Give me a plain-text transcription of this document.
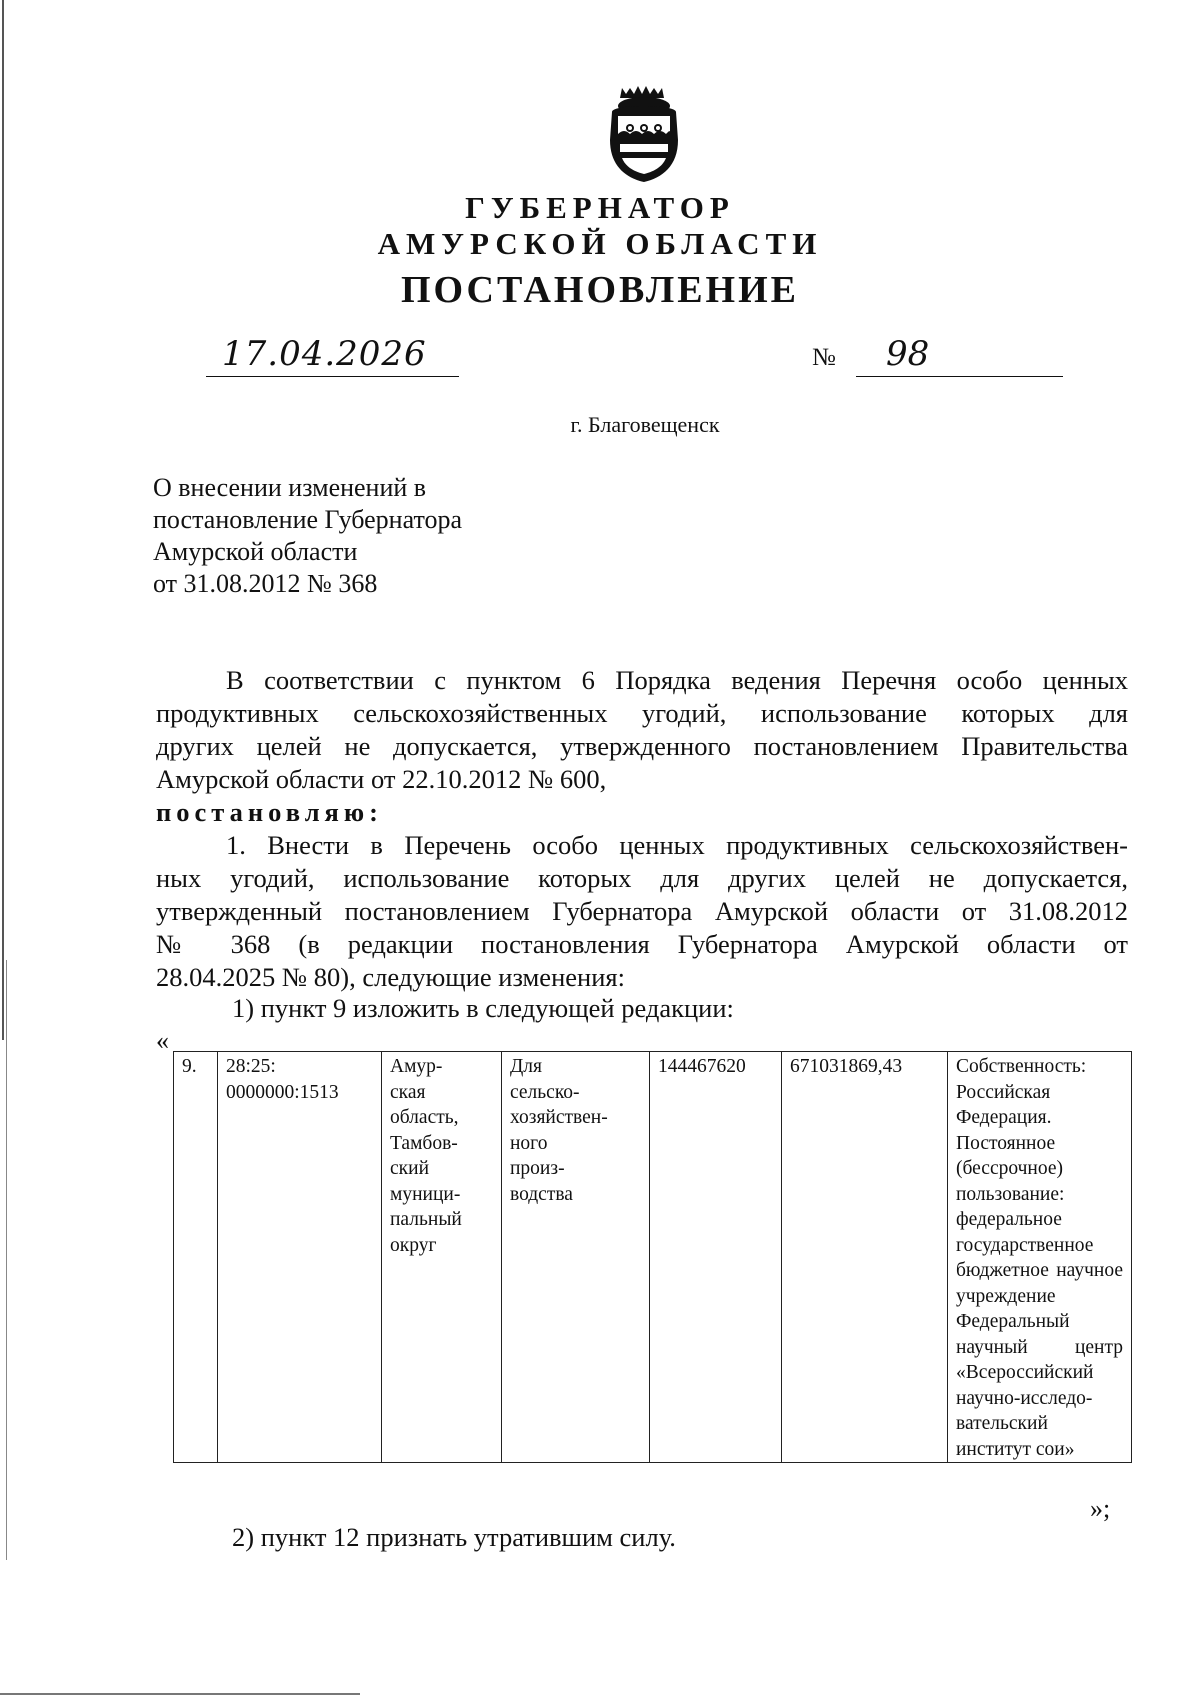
ГУБЕРНАТОР
АМУРСКОЙ ОБЛАСТИ
ПОСТАНОВЛЕНИЕ
17.04.2026	№ 98
г. Благовещенск
О внесении изменений в
постановление Губернатора
Амурской области
от 31.08.2012 № 368
В соответствии с пунктом 6 Порядка ведения Перечня особо ценных
продуктивных сельскохозяйственных угодий, использование которых для
других целей не допускается, утвержденного постановлением Правительства
Амурской области от 22.10.2012 № 600,
постановляю:
1. Внести в Перечень особо ценных продуктивных сельскохозяйствен-
ных угодий, использование которых для других целей не допускается,
утвержденный постановлением Губернатора Амурской области от 31.08.2012
№ 368 (в редакции постановления Губернатора Амурской области от
28.04.2025 № 80), следующие изменения:
1) пункт 9 изложить в следующей редакции:
«
9.	28:25:
0000000:1513	Амур-
ская
область,
Тамбов-
ский
муници-
пальный
округ	Для
сельско-
хозяйствен-
ного
произ-
водства	144467620	671031869,43	Собственность: Российская Федерация. Постоянное (бессрочное) пользование: федеральное государственное бюджетное научное учреждение Федеральный научный центр «Всероссийский научно-исследо-вательский институт сои»
»;
2) пункт 12 признать утратившим силу.
